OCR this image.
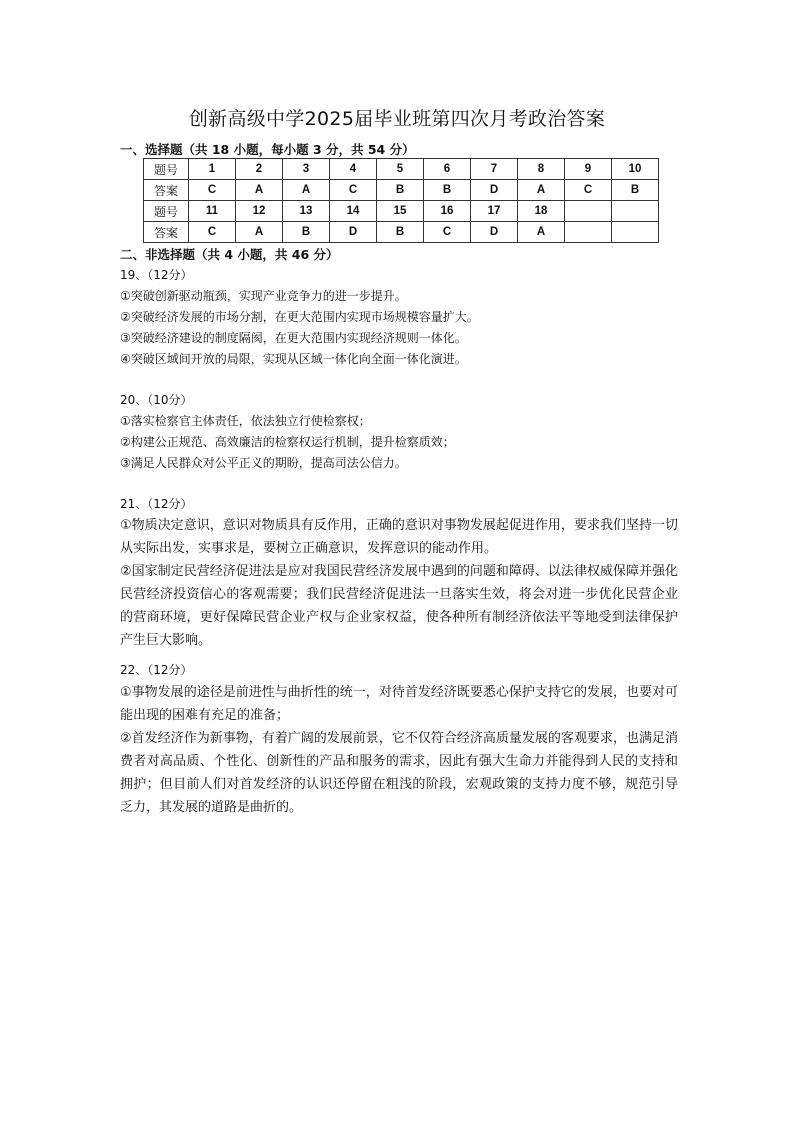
创新高级中学2025届毕业班第四次月考政治答案
一、选择题（共 18 小题，每小题 3 分，共 54 分）
题号	1	2	3	4	5	6	7	8	9	10
答案	C	A	A	C	B	B	D	A	C	B
题号	11	12	13	14	15	16	17	18		
答案	C	A	B	D	B	C	D	A		
二、非选择题（共 4 小题，共 46 分）
19、（12分）
①突破创新驱动瓶颈，实现产业竞争力的进一步提升。
②突破经济发展的市场分割，在更大范围内实现市场规模容量扩大。
③突破经济建设的制度隔阂，在更大范围内实现经济规则一体化。
④突破区域间开放的局限，实现从区域一体化向全面一体化演进。
20、（10分）
①落实检察官主体责任，依法独立行使检察权；
②构建公正规范、高效廉洁的检察权运行机制，提升检察质效；
③满足人民群众对公平正义的期盼，提高司法公信力。
21、（12分）

①物质决定意识，意识对物质具有反作用，正确的意识对事物发展起促进作用，要求我们坚持一切从实际出发，实事求是，要树立正确意识，发挥意识的能动作用。

②国家制定民营经济促进法是应对我国民营经济发展中遇到的问题和障碍、以法律权威保障并强化民营经济投资信心的客观需要；我们民营经济促进法一旦落实生效，将会对进一步优化民营企业的营商环境，更好保障民营企业产权与企业家权益，使各种所有制经济依法平等地受到法律保护产生巨大影响。

22、（12分）

①事物发展的途径是前进性与曲折性的统一，对待首发经济既要悉心保护支持它的发展，也要对可能出现的困难有充足的准备；

②首发经济作为新事物，有着广阔的发展前景，它不仅符合经济高质量发展的客观要求，也满足消费者对高品质、个性化、创新性的产品和服务的需求，因此有强大生命力并能得到人民的支持和拥护；但目前人们对首发经济的认识还停留在粗浅的阶段，宏观政策的支持力度不够，规范引导乏力，其发展的道路是曲折的。
